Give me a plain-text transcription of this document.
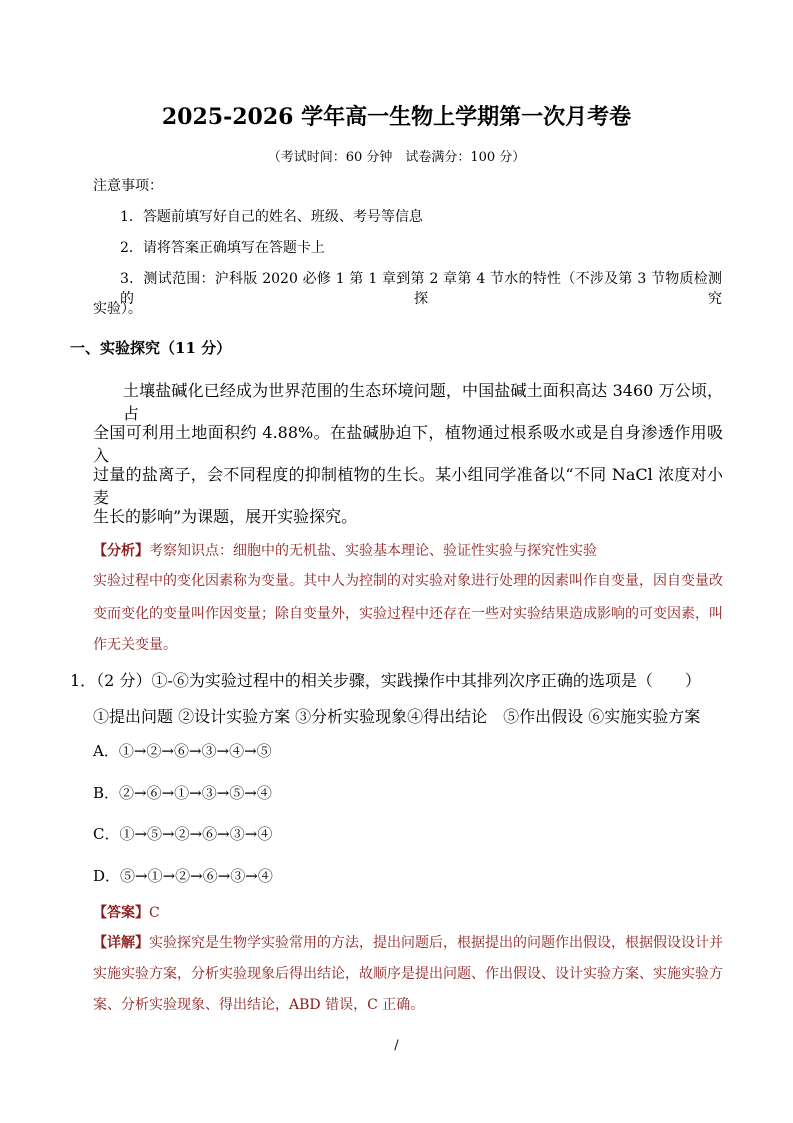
2025-2026 学年高一生物上学期第一次月考卷
（考试时间：60 分钟　试卷满分：100 分）
注意事项：
1．答题前填写好自己的姓名、班级、考号等信息
2．请将答案正确填写在答题卡上
3．测试范围：沪科版 2020 必修 1 第 1 章到第 2 章第 4 节水的特性（不涉及第 3 节物质检测的探究
实验）。
一、实验探究（11 分）
土壤盐碱化已经成为世界范围的生态环境问题，中国盐碱土面积高达 3460 万公顷，占
全国可利用土地面积约 4.88%。在盐碱胁迫下，植物通过根系吸水或是自身渗透作用吸入
过量的盐离子，会不同程度的抑制植物的生长。某小组同学准备以“不同 NaCl 浓度对小麦
生长的影响”为课题，展开实验探究。
【分析】考察知识点：细胞中的无机盐、实验基本理论、验证性实验与探究性实验
实验过程中的变化因素称为变量。其中人为控制的对实验对象进行处理的因素叫作自变量，因自变量改
变而变化的变量叫作因变量；除自变量外，实验过程中还存在一些对实验结果造成影响的可变因素，叫
作无关变量。
1．（2 分）①-⑥为实验过程中的相关步骤，实践操作中其排列次序正确的选项是（　　）
①提出问题 ②设计实验方案 ③分析实验现象④得出结论　⑤作出假设 ⑥实施实验方案
A．①→②→⑥→③→④→⑤
B．②→⑥→①→③→⑤→④
C．①→⑤→②→⑥→③→④
D．⑤→①→②→⑥→③→④
【答案】C
【详解】实验探究是生物学实验常用的方法，提出问题后，根据提出的问题作出假设，根据假设设计并
实施实验方案，分析实验现象后得出结论，故顺序是提出问题、作出假设、设计实验方案、实施实验方
案、分析实验现象、得出结论，ABD 错误，C 正确。
/
